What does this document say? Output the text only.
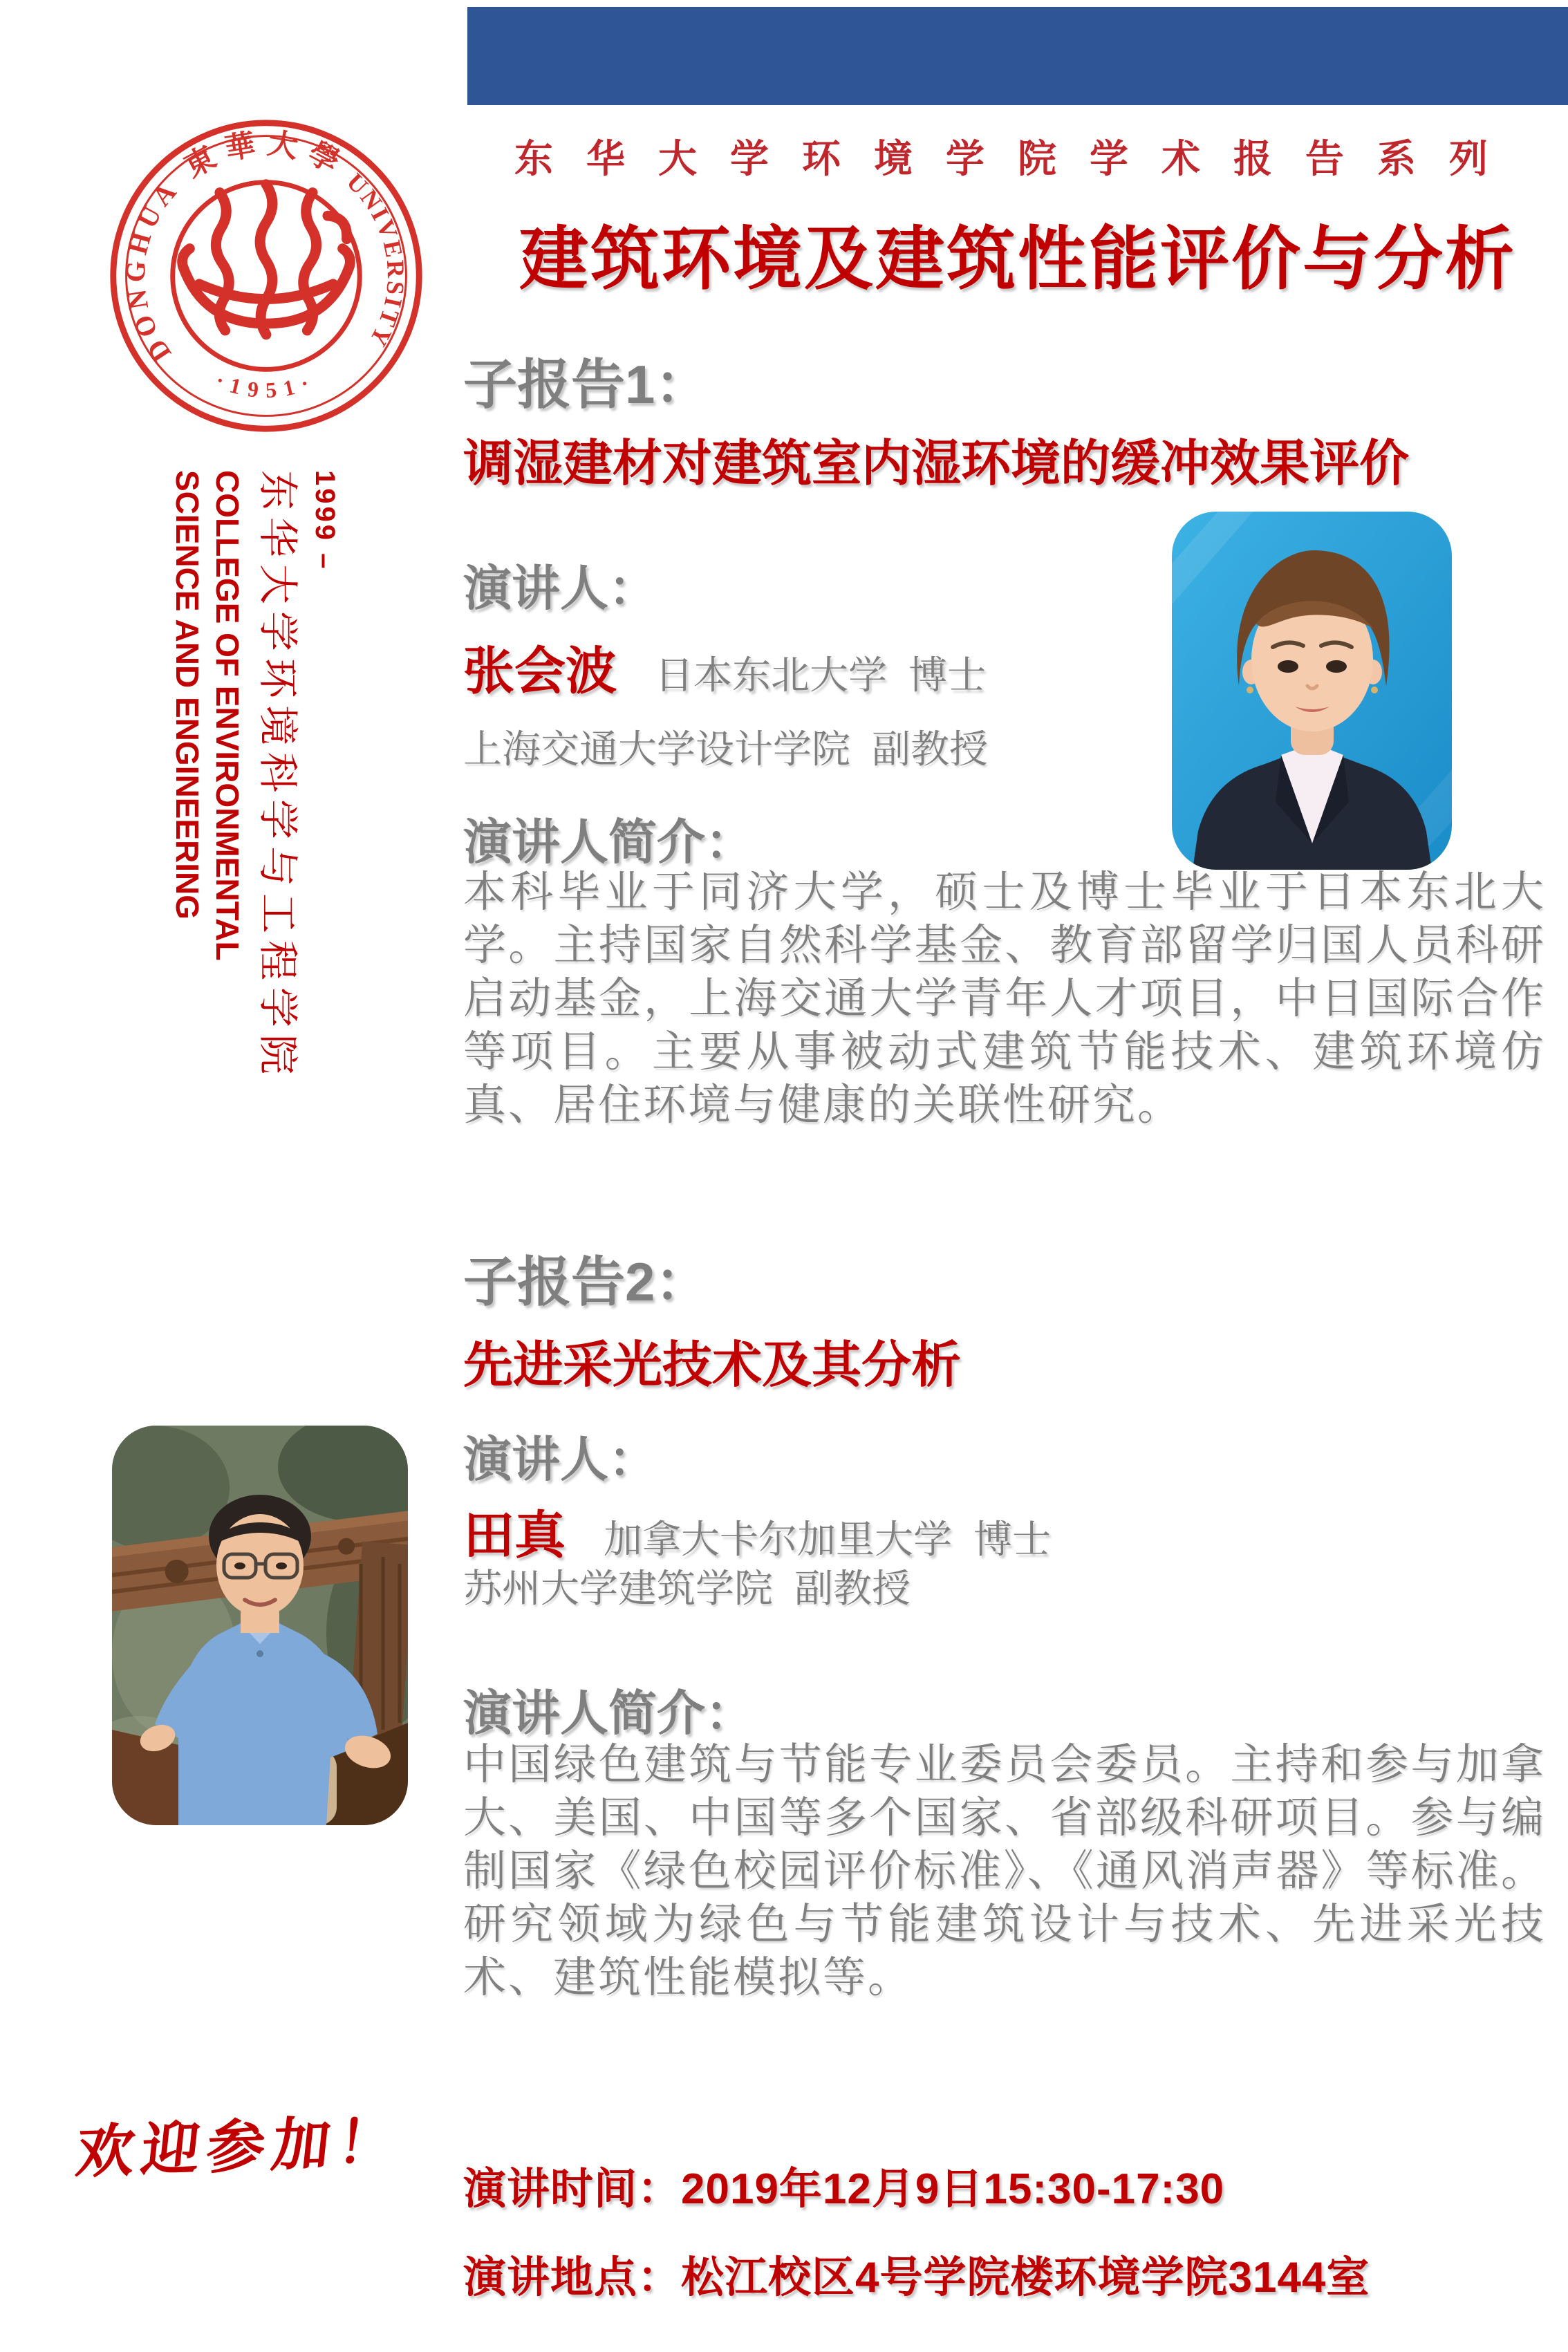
东华大学环境学院学术报告系列
建筑环境及建筑性能评价与分析
DONGHUA
東華大學
UNIVERSITY
·1951·
1999 –
东华大学环境科学与工程学院
COLLEGE OF ENVIRONMENTAL
SCIENCE AND ENGINEERING
子报告1：
调湿建材对建筑室内湿环境的缓冲效果评价
演讲人：
张会波 日本东北大学  博士
上海交通大学设计学院  副教授
演讲人简介：
本科毕业于同济大学，硕士及博士毕业于日本东北大学。主持国家自然科学基金、教育部留学归国人员科研启动基金，上海交通大学青年人才项目，中日国际合作等项目。主要从事被动式建筑节能技术、建筑环境仿真、居住环境与健康的关联性研究。
子报告2：
先进采光技术及其分析
演讲人：
田真 加拿大卡尔加里大学  博士
苏州大学建筑学院  副教授
演讲人简介：
中国绿色建筑与节能专业委员会委员。主持和参与加拿大、美国、中国等多个国家、省部级科研项目。参与编制国家《绿色校园评价标准》、《通风消声器》等标准。研究领域为绿色与节能建筑设计与技术、先进采光技术、建筑性能模拟等。
欢迎参加！
演讲时间：2019年12月9日15:30-17:30
演讲地点：松江校区4号学院楼环境学院3144室
